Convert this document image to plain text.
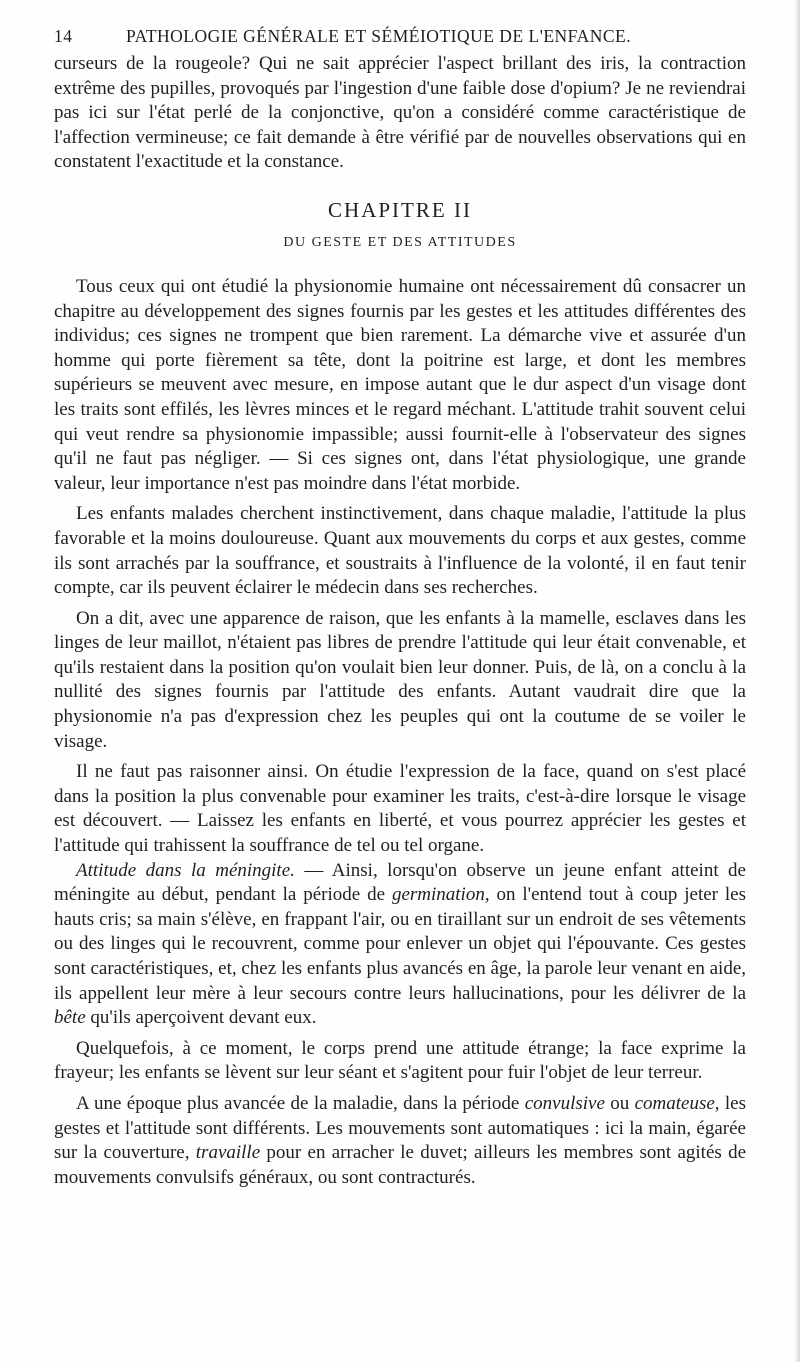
14	PATHOLOGIE GÉNÉRALE ET SÉMÉIOTIQUE DE L'ENFANCE.

curseurs de la rougeole? Qui ne sait apprécier l'aspect brillant des iris, la contraction extrême des pupilles, provoqués par l'ingestion d'une faible dose d'opium? Je ne reviendrai pas ici sur l'état perlé de la conjonctive, qu'on a considéré comme caractéristique de l'affection vermineuse; ce fait demande à être vérifié par de nouvelles observations qui en constatent l'exactitude et la constance.

CHAPITRE II
DU GESTE ET DES ATTITUDES

Tous ceux qui ont étudié la physionomie humaine ont nécessairement dû consacrer un chapitre au développement des signes fournis par les gestes et les attitudes différentes des individus; ces signes ne trompent que bien rarement. La démarche vive et assurée d'un homme qui porte fièrement sa tête, dont la poitrine est large, et dont les membres supérieurs se meuvent avec mesure, en impose autant que le dur aspect d'un visage dont les traits sont effilés, les lèvres minces et le regard méchant. L'attitude trahit souvent celui qui veut rendre sa physionomie impassible; aussi fournit-elle à l'observateur des signes qu'il ne faut pas négliger. — Si ces signes ont, dans l'état physiologique, une grande valeur, leur importance n'est pas moindre dans l'état morbide.

Les enfants malades cherchent instinctivement, dans chaque maladie, l'attitude la plus favorable et la moins douloureuse. Quant aux mouvements du corps et aux gestes, comme ils sont arrachés par la souffrance, et soustraits à l'influence de la volonté, il en faut tenir compte, car ils peuvent éclairer le médecin dans ses recherches.

On a dit, avec une apparence de raison, que les enfants à la mamelle, esclaves dans les linges de leur maillot, n'étaient pas libres de prendre l'attitude qui leur était convenable, et qu'ils restaient dans la position qu'on voulait bien leur donner. Puis, de là, on a conclu à la nullité des signes fournis par l'attitude des enfants. Autant vaudrait dire que la physionomie n'a pas d'expression chez les peuples qui ont la coutume de se voiler le visage.

Il ne faut pas raisonner ainsi. On étudie l'expression de la face, quand on s'est placé dans la position la plus convenable pour examiner les traits, c'est-à-dire lorsque le visage est découvert. — Laissez les enfants en liberté, et vous pourrez apprécier les gestes et l'attitude qui trahissent la souffrance de tel ou tel organe.

Attitude dans la méningite. — Ainsi, lorsqu'on observe un jeune enfant atteint de méningite au début, pendant la période de germination, on l'entend tout à coup jeter les hauts cris; sa main s'élève, en frappant l'air, ou en tiraillant sur un endroit de ses vêtements ou des linges qui le recouvrent, comme pour enlever un objet qui l'épouvante. Ces gestes sont caractéristiques, et, chez les enfants plus avancés en âge, la parole leur venant en aide, ils appellent leur mère à leur secours contre leurs hallucinations, pour les délivrer de la bête qu'ils aperçoivent devant eux.

Quelquefois, à ce moment, le corps prend une attitude étrange; la face exprime la frayeur; les enfants se lèvent sur leur séant et s'agitent pour fuir l'objet de leur terreur.

A une époque plus avancée de la maladie, dans la période convulsive ou comateuse, les gestes et l'attitude sont différents. Les mouvements sont automatiques : ici la main, égarée sur la couverture, travaille pour en arracher le duvet; ailleurs les membres sont agités de mouvements convulsifs généraux, ou sont contracturés.
